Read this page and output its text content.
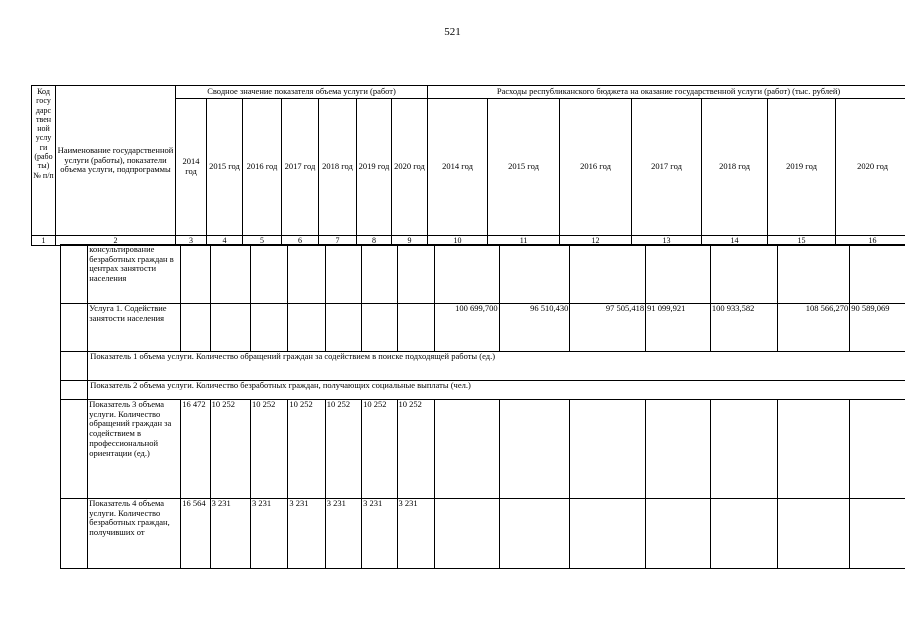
521
Код госу дарс твен ной услу ги (рабо ты) № п/п	Наименование государственной услуги (работы), показатели объема услуги, подпрограммы	Сводное значение показателя объема услуги (работ)							Расходы республиканского бюджета на оказание государственной услуги (работ) (тыс. рублей)						
		2014 год	2015 год	2016 год	2017 год	2018 год	2019 год	2020 год	2014 год	2015 год	2016 год	2017 год	2018 год	2019 год	2020 год
1	2	3	4	5	6	7	8	9	10	11	12	13	14	15	16
	консультирование безработных граждан в центрах занятости населения														
	Услуга 1. Содействие занятости населения								100 699,700	96 510,430	97 505,418	91 099,921	100 933,582	108 566,270	90 589,069
	Показатель 1 объема услуги. Количество обращений граждан за содействием в поиске подходящей работы (ед.)														
	Показатель 2 объема услуги. Количество безработных граждан, получающих социальные выплаты (чел.)														
	Показатель 3 объема услуги. Количество обращений граждан за содействием в профессиональной ориентации (ед.)	16 472	10 252	10 252	10 252	10 252	10 252	10 252							
	Показатель 4 объема услуги. Количество безработных граждан, получивших от	16 564	3 231	3 231	3 231	3 231	3 231	3 231							
